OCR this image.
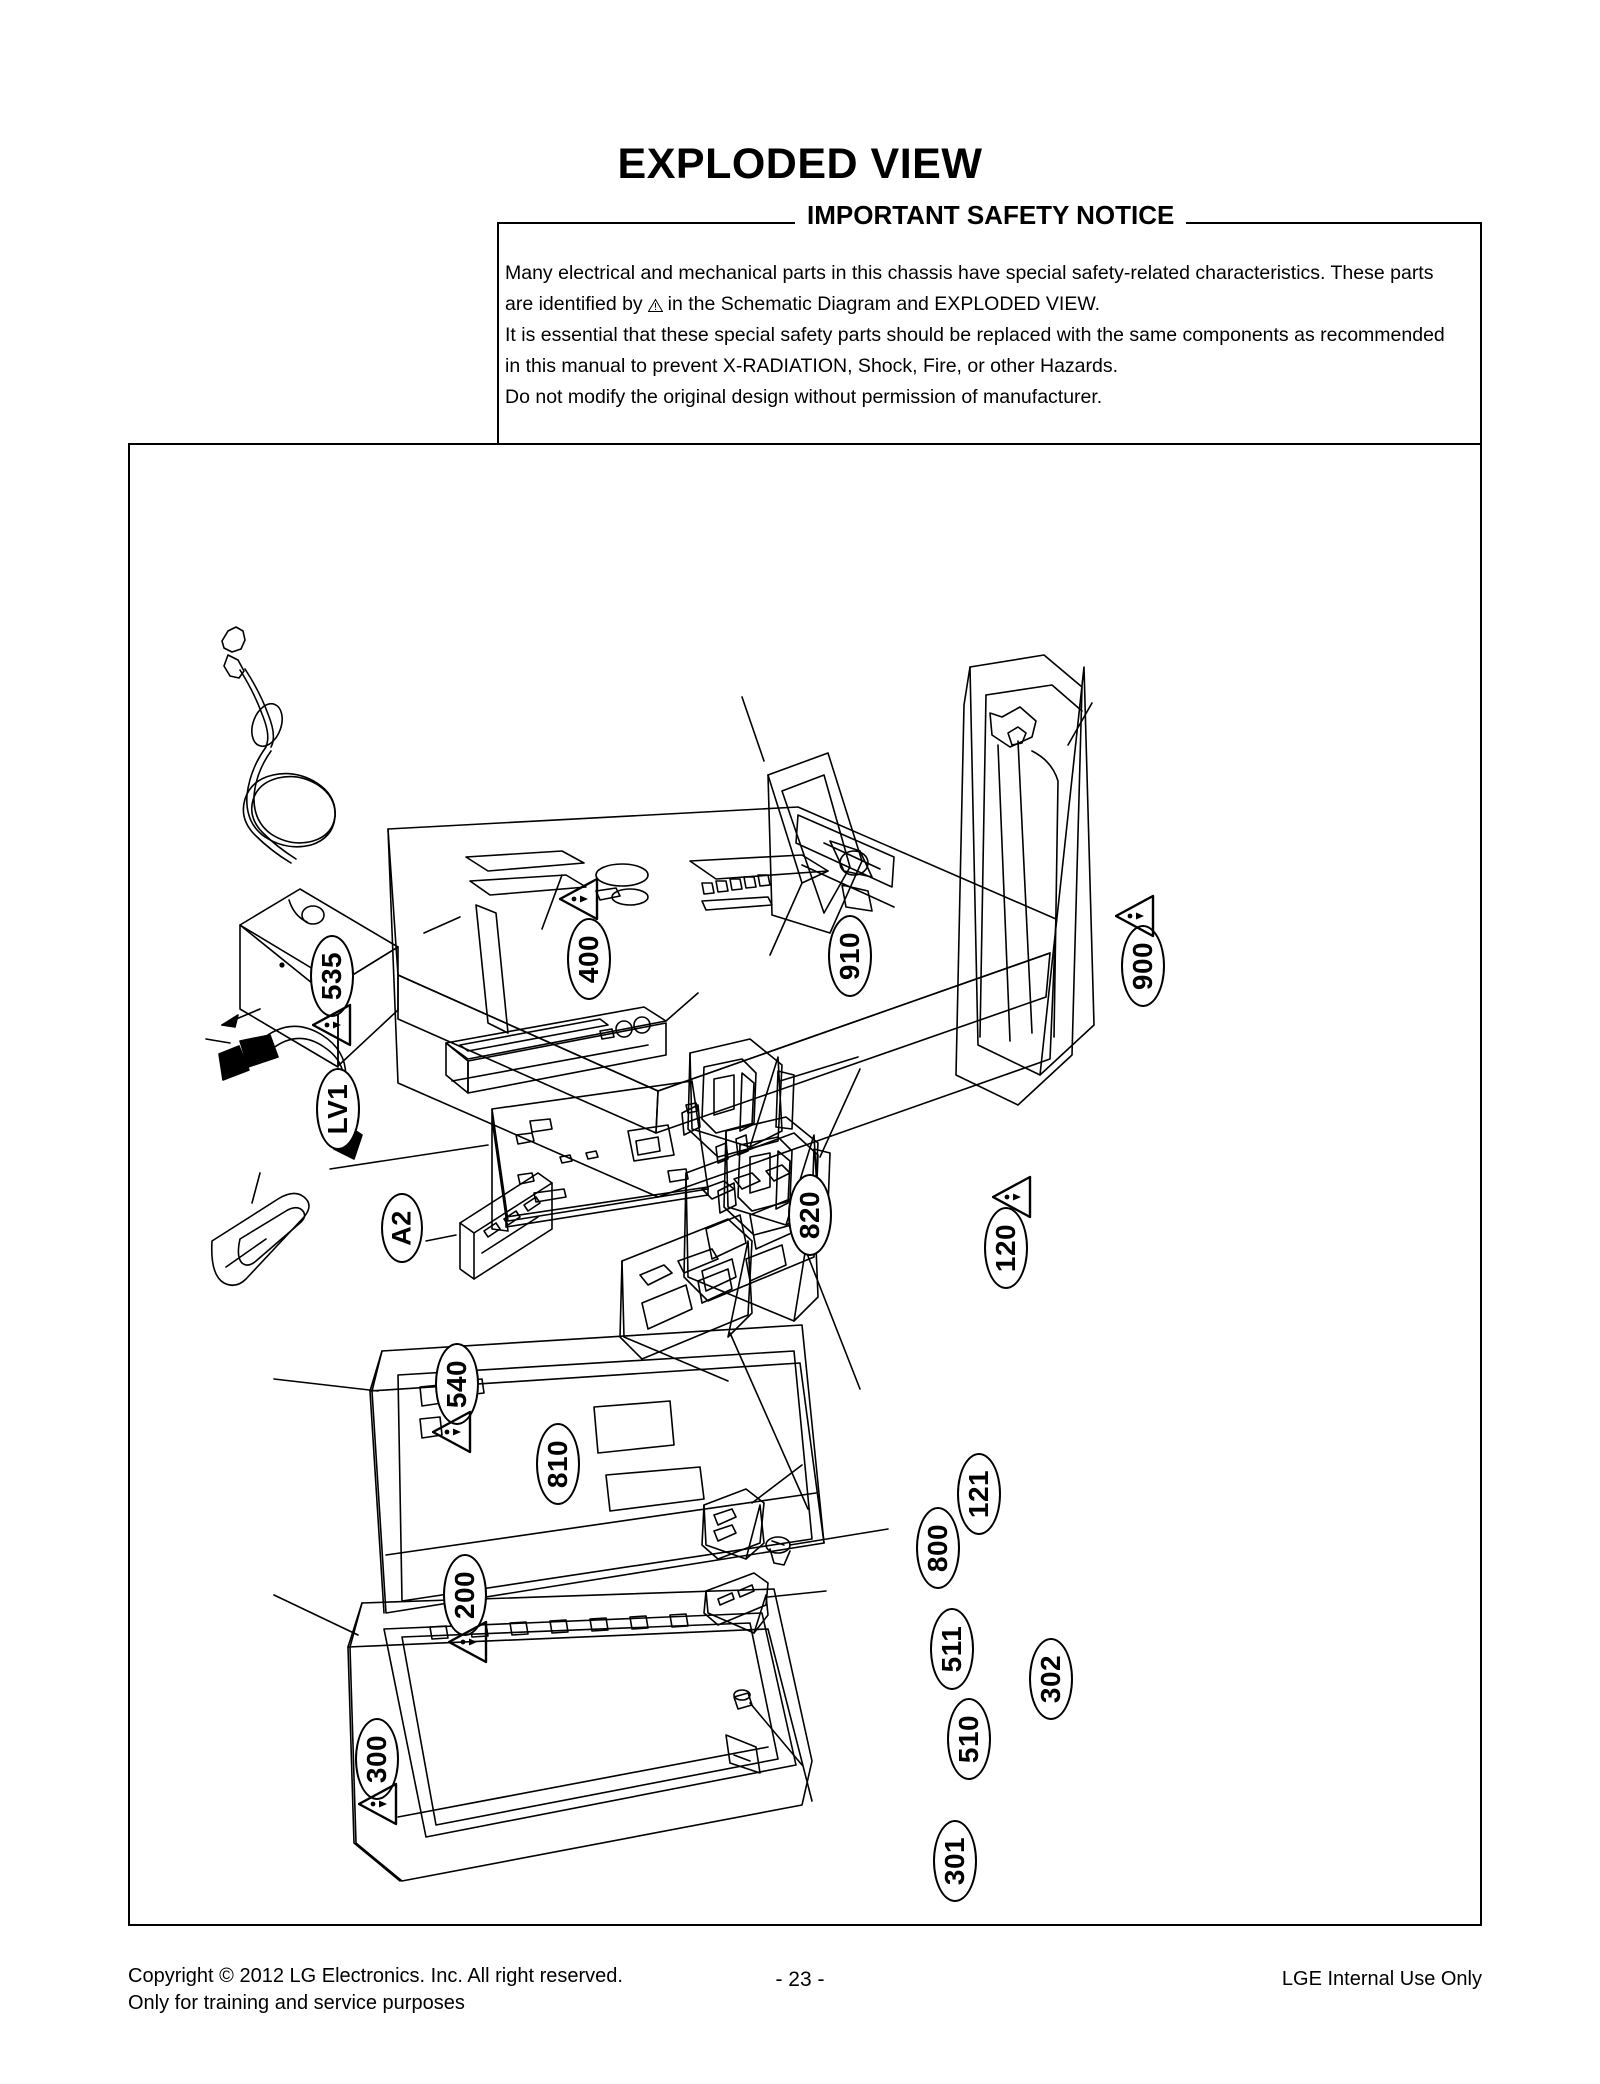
EXPLODED VIEW
IMPORTANT SAFETY NOTICE

Many electrical and mechanical parts in this chassis have special safety-related characteristics. These parts

are identified by in the Schematic Diagram and EXPLODED VIEW.

It is essential that these special safety parts should be replaced with the same components as recommended

in this manual to prevent X-RADIATION, Shock, Fire, or other Hazards.

Do not modify the original design without permission of manufacturer.

535
LV1
A2
400	910	900
820
120
540
810
121
800
200
511
302
510
300
301
Copyright © 2012 LG Electronics. Inc. All right reserved.
Only for training and service purposes
- 23 -	LGE Internal Use Only
